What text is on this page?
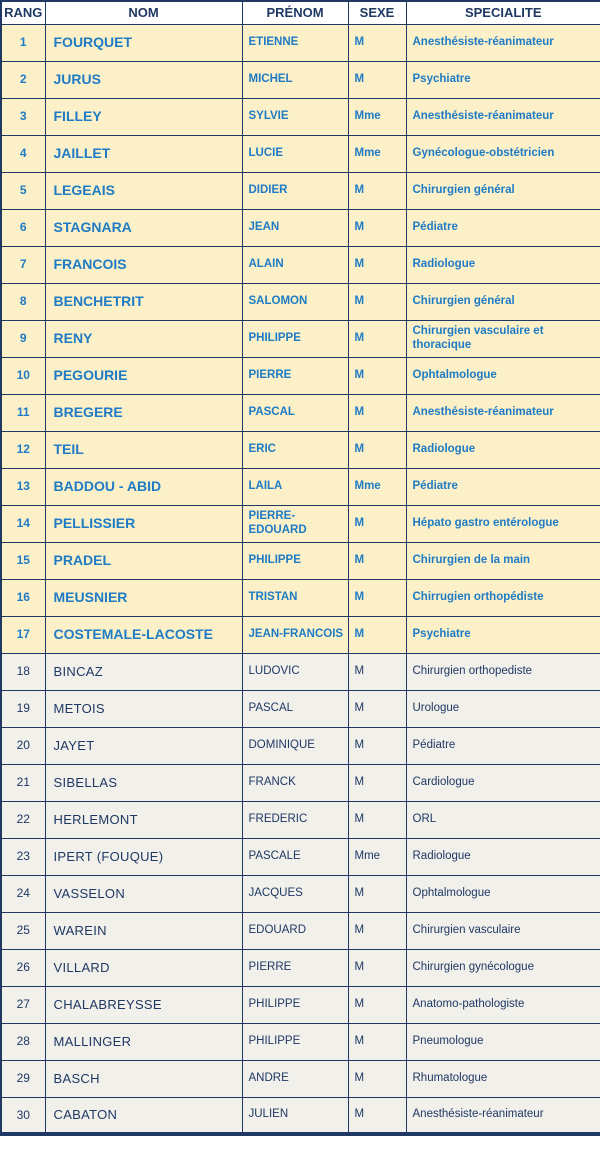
RANG	NOM	PRÉNOM	SEXE	SPECIALITE
1	FOURQUET	ETIENNE	M	Anesthésiste-réanimateur
2	JURUS	MICHEL	M	Psychiatre
3	FILLEY	SYLVIE	Mme	Anesthésiste-réanimateur
4	JAILLET	LUCIE	Mme	Gynécologue-obstétricien
5	LEGEAIS	DIDIER	M	Chirurgien général
6	STAGNARA	JEAN	M	Pédiatre
7	FRANCOIS	ALAIN	M	Radiologue
8	BENCHETRIT	SALOMON	M	Chirurgien général
9	RENY	PHILIPPE	M	Chirurgien vasculaire et thoracique
10	PEGOURIE	PIERRE	M	Ophtalmologue
11	BREGERE	PASCAL	M	Anesthésiste-réanimateur
12	TEIL	ERIC	M	Radiologue
13	BADDOU - ABID	LAILA	Mme	Pédiatre
14	PELLISSIER	PIERRE-EDOUARD	M	Hépato gastro entérologue
15	PRADEL	PHILIPPE	M	Chirurgien de la main
16	MEUSNIER	TRISTAN	M	Chirrugien orthopédiste
17	COSTEMALE-LACOSTE	JEAN-FRANCOIS	M	Psychiatre
18	BINCAZ	LUDOVIC	M	Chirurgien orthopediste
19	METOIS	PASCAL	M	Urologue
20	JAYET	DOMINIQUE	M	Pédiatre
21	SIBELLAS	FRANCK	M	Cardiologue
22	HERLEMONT	FREDERIC	M	ORL
23	IPERT (FOUQUE)	PASCALE	Mme	Radiologue
24	VASSELON	JACQUES	M	Ophtalmologue
25	WAREIN	EDOUARD	M	Chirurgien vasculaire
26	VILLARD	PIERRE	M	Chirurgien gynécologue
27	CHALABREYSSE	PHILIPPE	M	Anatomo-pathologiste
28	MALLINGER	PHILIPPE	M	Pneumologue
29	BASCH	ANDRE	M	Rhumatologue
30	CABATON	JULIEN	M	Anesthésiste-réanimateur
